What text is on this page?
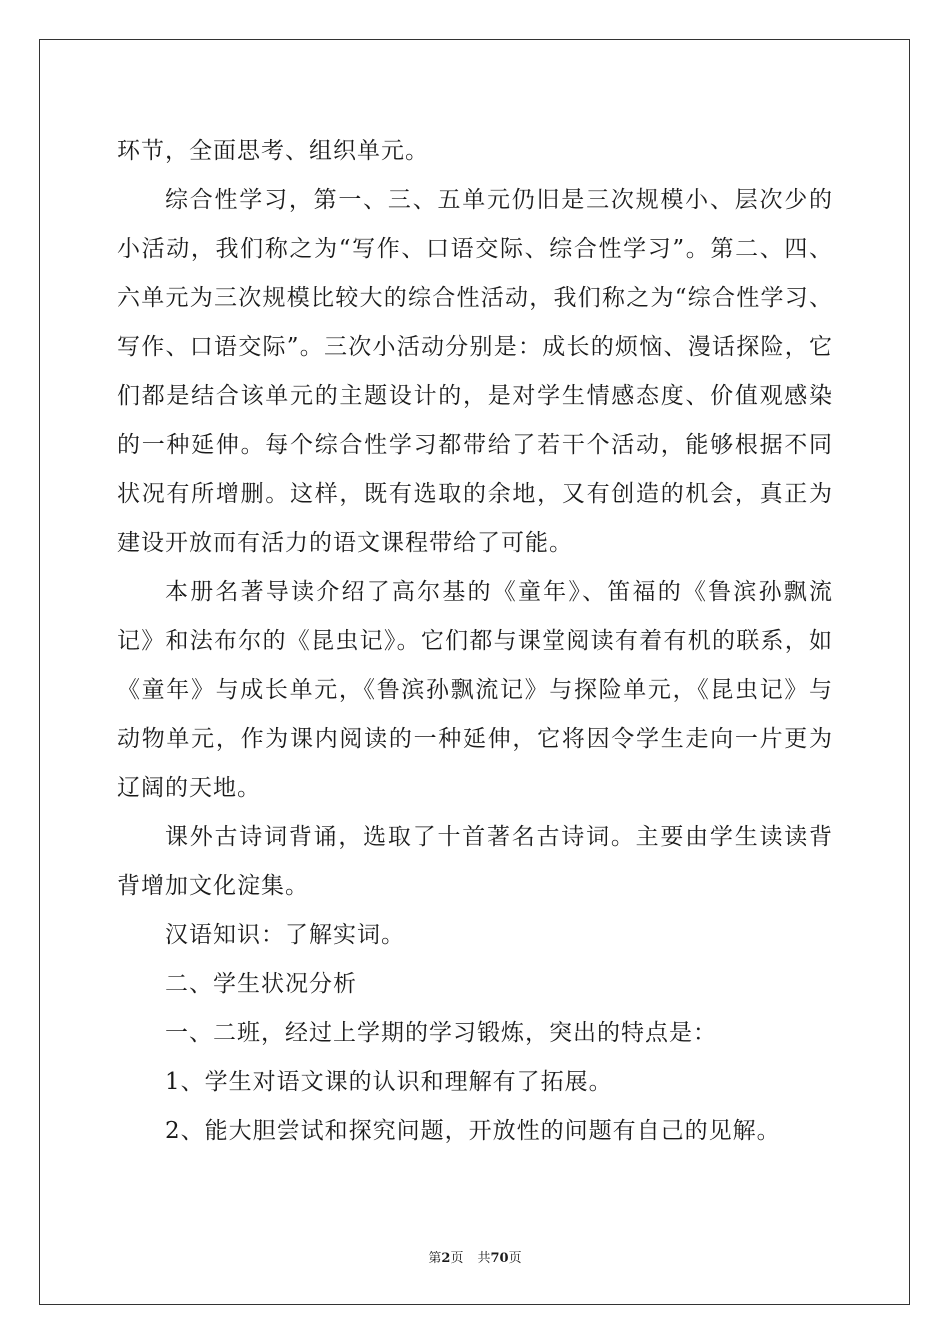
环节，全面思考、组织单元。

综合性学习，第一、三、五单元仍旧是三次规模小、层次少的小活动，我们称之为“写作、口语交际、综合性学习”。第二、四、六单元为三次规模比较大的综合性活动，我们称之为“综合性学习、写作、口语交际”。三次小活动分别是：成长的烦恼、漫话探险，它们都是结合该单元的主题设计的，是对学生情感态度、价值观感染的一种延伸。每个综合性学习都带给了若干个活动，能够根据不同状况有所增删。这样，既有选取的余地，又有创造的机会，真正为建设开放而有活力的语文课程带给了可能。

本册名著导读介绍了高尔基的《童年》、笛福的《鲁滨孙飘流记》和法布尔的《昆虫记》。它们都与课堂阅读有着有机的联系，如《童年》与成长单元，《鲁滨孙飘流记》与探险单元，《昆虫记》与动物单元，作为课内阅读的一种延伸，它将因令学生走向一片更为辽阔的天地。

课外古诗词背诵，选取了十首著名古诗词。主要由学生读读背背增加文化淀集。

汉语知识：了解实词。

二、学生状况分析

一、二班，经过上学期的学习锻炼，突出的特点是：

1、学生对语文课的认识和理解有了拓展。

2、能大胆尝试和探究问题，开放性的问题有自己的见解。

第2页 共70页
